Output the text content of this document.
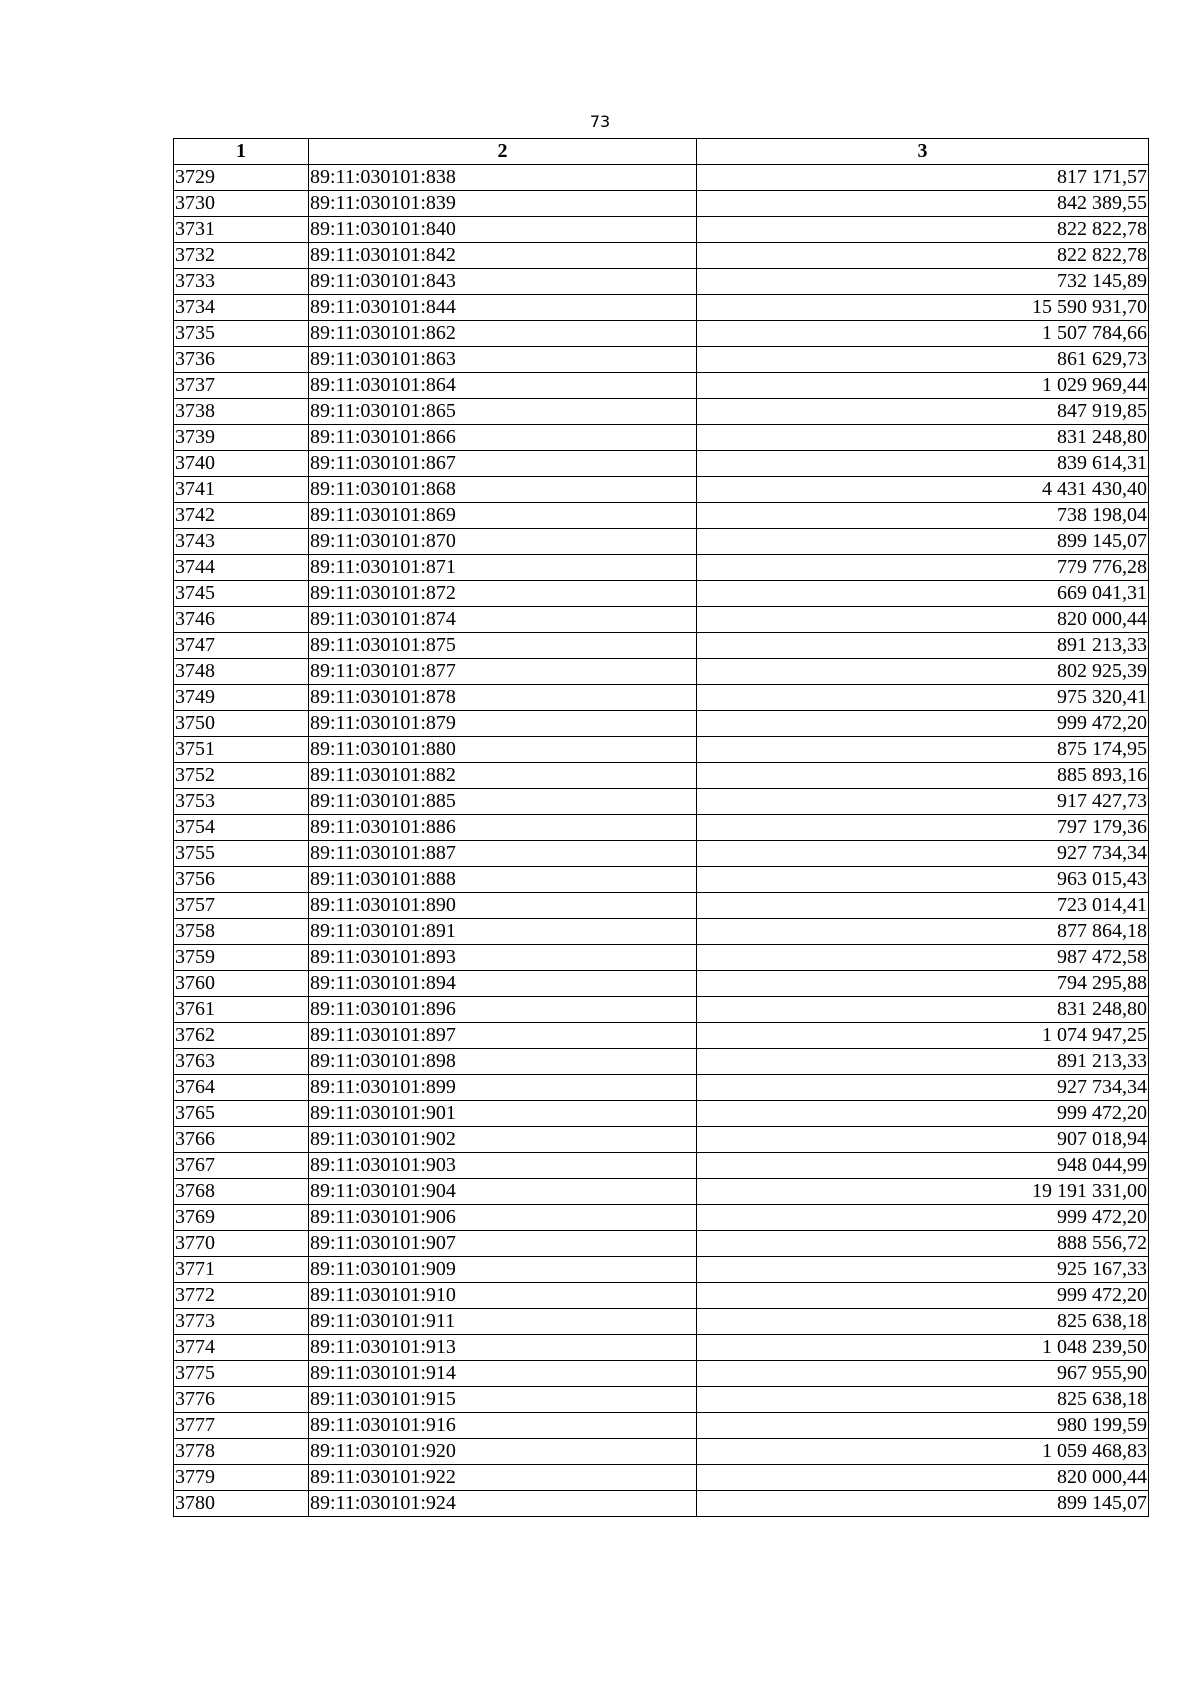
73
1	2	3
3729	89:11:030101:838	817 171,57
3730	89:11:030101:839	842 389,55
3731	89:11:030101:840	822 822,78
3732	89:11:030101:842	822 822,78
3733	89:11:030101:843	732 145,89
3734	89:11:030101:844	15 590 931,70
3735	89:11:030101:862	1 507 784,66
3736	89:11:030101:863	861 629,73
3737	89:11:030101:864	1 029 969,44
3738	89:11:030101:865	847 919,85
3739	89:11:030101:866	831 248,80
3740	89:11:030101:867	839 614,31
3741	89:11:030101:868	4 431 430,40
3742	89:11:030101:869	738 198,04
3743	89:11:030101:870	899 145,07
3744	89:11:030101:871	779 776,28
3745	89:11:030101:872	669 041,31
3746	89:11:030101:874	820 000,44
3747	89:11:030101:875	891 213,33
3748	89:11:030101:877	802 925,39
3749	89:11:030101:878	975 320,41
3750	89:11:030101:879	999 472,20
3751	89:11:030101:880	875 174,95
3752	89:11:030101:882	885 893,16
3753	89:11:030101:885	917 427,73
3754	89:11:030101:886	797 179,36
3755	89:11:030101:887	927 734,34
3756	89:11:030101:888	963 015,43
3757	89:11:030101:890	723 014,41
3758	89:11:030101:891	877 864,18
3759	89:11:030101:893	987 472,58
3760	89:11:030101:894	794 295,88
3761	89:11:030101:896	831 248,80
3762	89:11:030101:897	1 074 947,25
3763	89:11:030101:898	891 213,33
3764	89:11:030101:899	927 734,34
3765	89:11:030101:901	999 472,20
3766	89:11:030101:902	907 018,94
3767	89:11:030101:903	948 044,99
3768	89:11:030101:904	19 191 331,00
3769	89:11:030101:906	999 472,20
3770	89:11:030101:907	888 556,72
3771	89:11:030101:909	925 167,33
3772	89:11:030101:910	999 472,20
3773	89:11:030101:911	825 638,18
3774	89:11:030101:913	1 048 239,50
3775	89:11:030101:914	967 955,90
3776	89:11:030101:915	825 638,18
3777	89:11:030101:916	980 199,59
3778	89:11:030101:920	1 059 468,83
3779	89:11:030101:922	820 000,44
3780	89:11:030101:924	899 145,07
